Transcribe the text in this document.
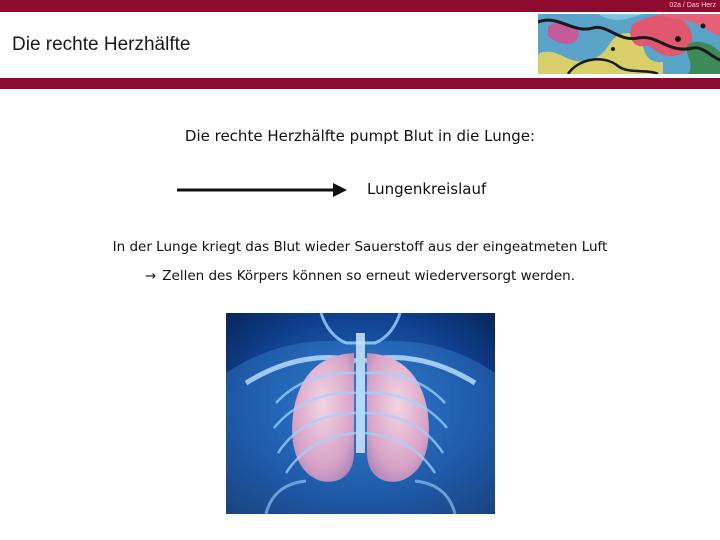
02a / Das Herz
Die rechte Herzhälfte
Die rechte Herzhälfte pumpt Blut in die Lunge:
Lungenkreislauf
In der Lunge kriegt das Blut wieder Sauerstoff aus der eingeatmeten Luft
→ Zellen des Körpers können so erneut wiederversorgt werden.
